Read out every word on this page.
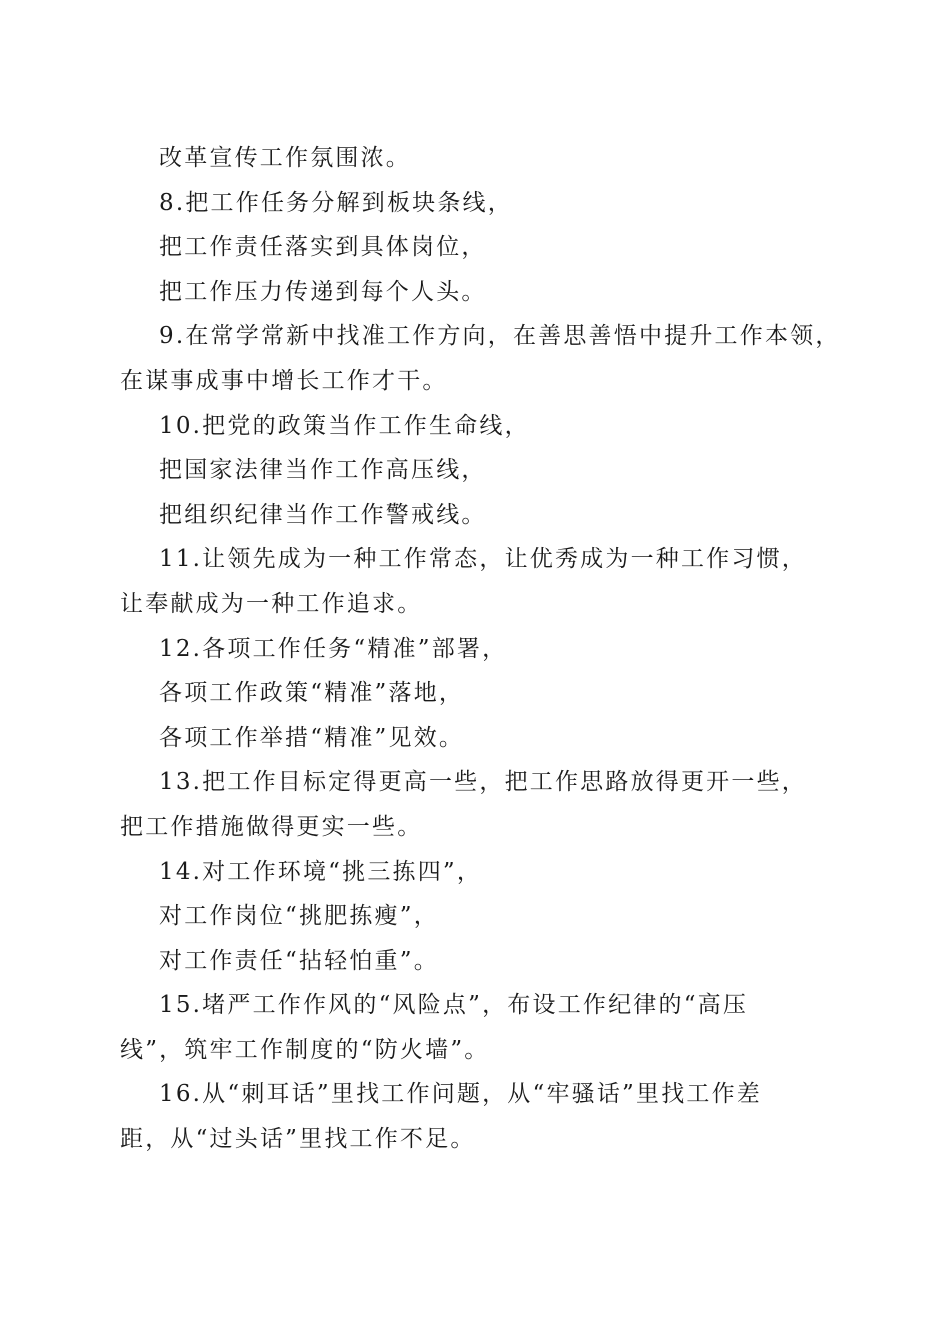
改革宣传工作氛围浓。
8.把工作任务分解到板块条线，
把工作责任落实到具体岗位，
把工作压力传递到每个人头。
9.在常学常新中找准工作方向，在善思善悟中提升工作本领，
在谋事成事中增长工作才干。
10.把党的政策当作工作生命线，
把国家法律当作工作高压线，
把组织纪律当作工作警戒线。
11.让领先成为一种工作常态，让优秀成为一种工作习惯，
让奉献成为一种工作追求。
12.各项工作任务“精准”部署，
各项工作政策“精准”落地，
各项工作举措“精准”见效。
13.把工作目标定得更高一些，把工作思路放得更开一些，
把工作措施做得更实一些。
14.对工作环境“挑三拣四”，
对工作岗位“挑肥拣瘦”，
对工作责任“拈轻怕重”。
15.堵严工作作风的“风险点”，布设工作纪律的“高压
线”，筑牢工作制度的“防火墙”。
16.从“刺耳话”里找工作问题，从“牢骚话”里找工作差
距，从“过头话”里找工作不足。
